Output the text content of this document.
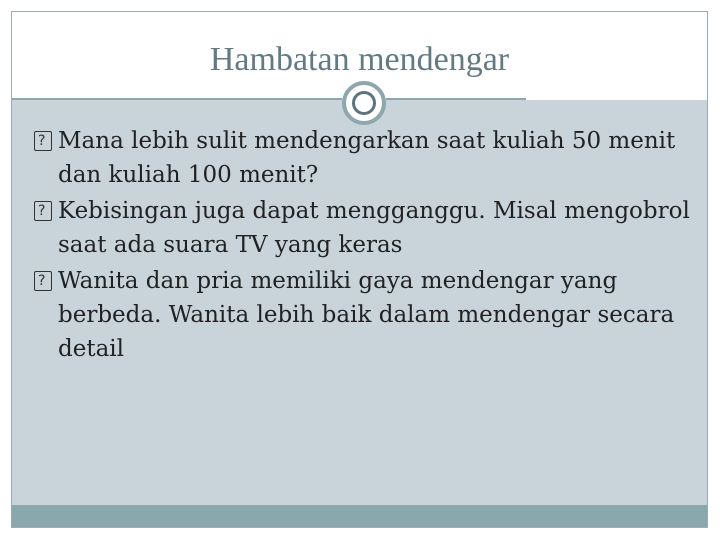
Hambatan mendengar
?
Mana lebih sulit mendengarkan saat kuliah 50 menit dan kuliah 100 menit?
?
Kebisingan juga dapat mengganggu. Misal mengobrol saat ada suara TV yang keras
?
Wanita dan pria memiliki gaya mendengar yang berbeda. Wanita lebih baik dalam mendengar secara detail
